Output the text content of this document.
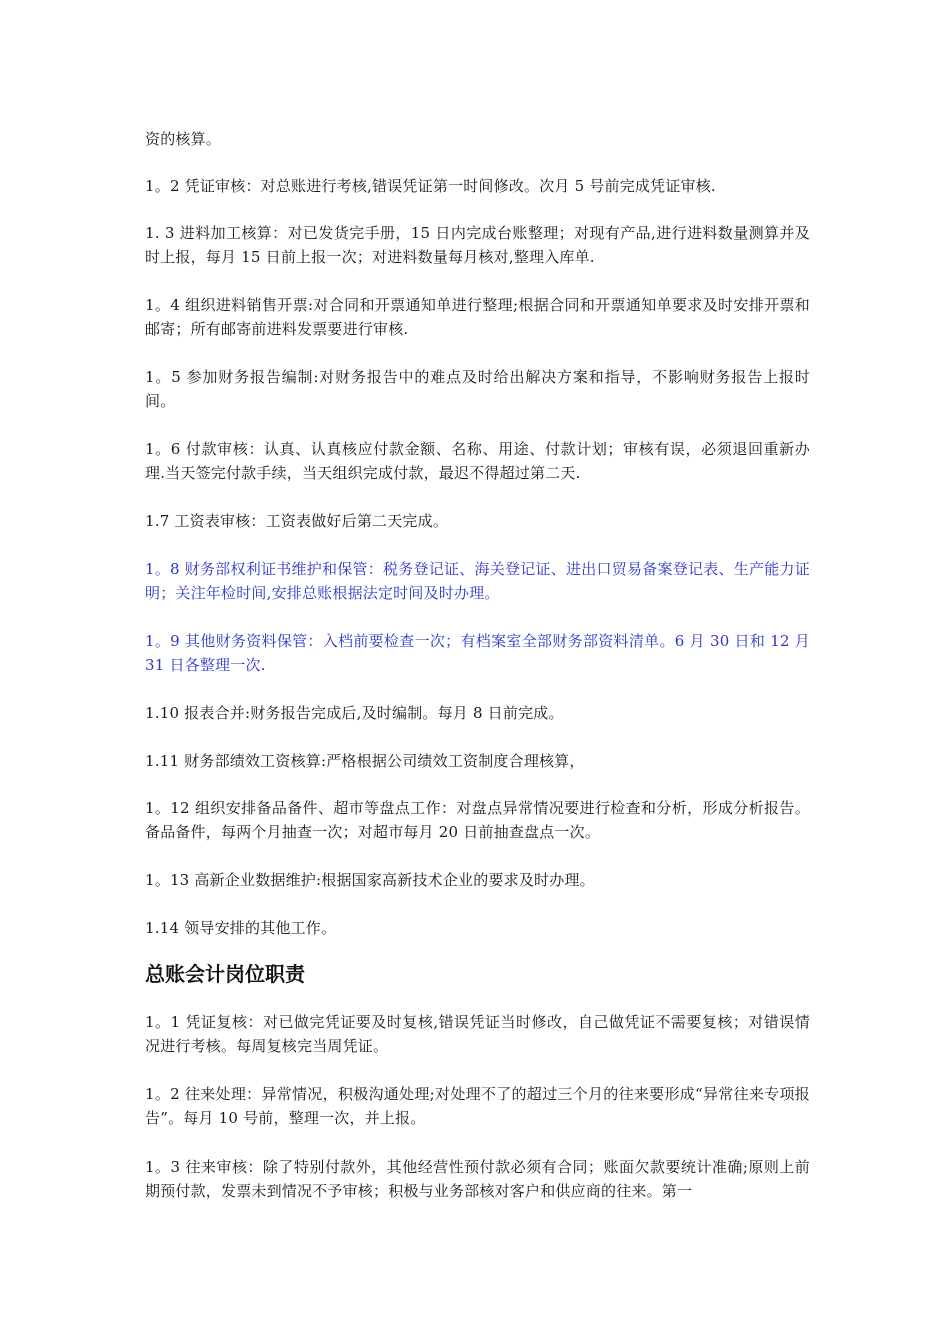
资的核算。

1。2 凭证审核：对总账进行考核,错误凭证第一时间修改。次月 5 号前完成凭证审核.

1. 3 进料加工核算：对已发货完手册，15 日内完成台账整理；对现有产品,进行进料数量测算并及时上报，每月 15 日前上报一次；对进料数量每月核对,整理入库单.

1。4 组织进料销售开票:对合同和开票通知单进行整理;根据合同和开票通知单要求及时安排开票和邮寄；所有邮寄前进料发票要进行审核.

1。5 参加财务报告编制:对财务报告中的难点及时给出解决方案和指导，不影响财务报告上报时间。

1。6 付款审核：认真、认真核应付款金额、名称、用途、付款计划；审核有误，必须退回重新办理.当天签完付款手续，当天组织完成付款，最迟不得超过第二天.

1.7 工资表审核：工资表做好后第二天完成。

1。8 财务部权利证书维护和保管：税务登记证、海关登记证、进出口贸易备案登记表、生产能力证明；关注年检时间,安排总账根据法定时间及时办理。

1。9 其他财务资料保管：入档前要检查一次；有档案室全部财务部资料清单。6 月 30 日和 12 月 31 日各整理一次.

1.10 报表合并:财务报告完成后,及时编制。每月 8 日前完成。

1.11 财务部绩效工资核算:严格根据公司绩效工资制度合理核算，

1。12 组织安排备品备件、超市等盘点工作：对盘点异常情况要进行检查和分析，形成分析报告。备品备件，每两个月抽查一次；对超市每月 20 日前抽查盘点一次。

1。13 高新企业数据维护:根据国家高新技术企业的要求及时办理。

1.14 领导安排的其他工作。

总账会计岗位职责

1。1 凭证复核：对已做完凭证要及时复核,错误凭证当时修改，自己做凭证不需要复核；对错误情况进行考核。每周复核完当周凭证。

1。2 往来处理：异常情况，积极沟通处理;对处理不了的超过三个月的往来要形成“异常往来专项报告”。每月 10 号前，整理一次，并上报。

1。3 往来审核：除了特别付款外，其他经营性预付款必须有合同；账面欠款要统计准确;原则上前期预付款，发票未到情况不予审核；积极与业务部核对客户和供应商的往来。第一
